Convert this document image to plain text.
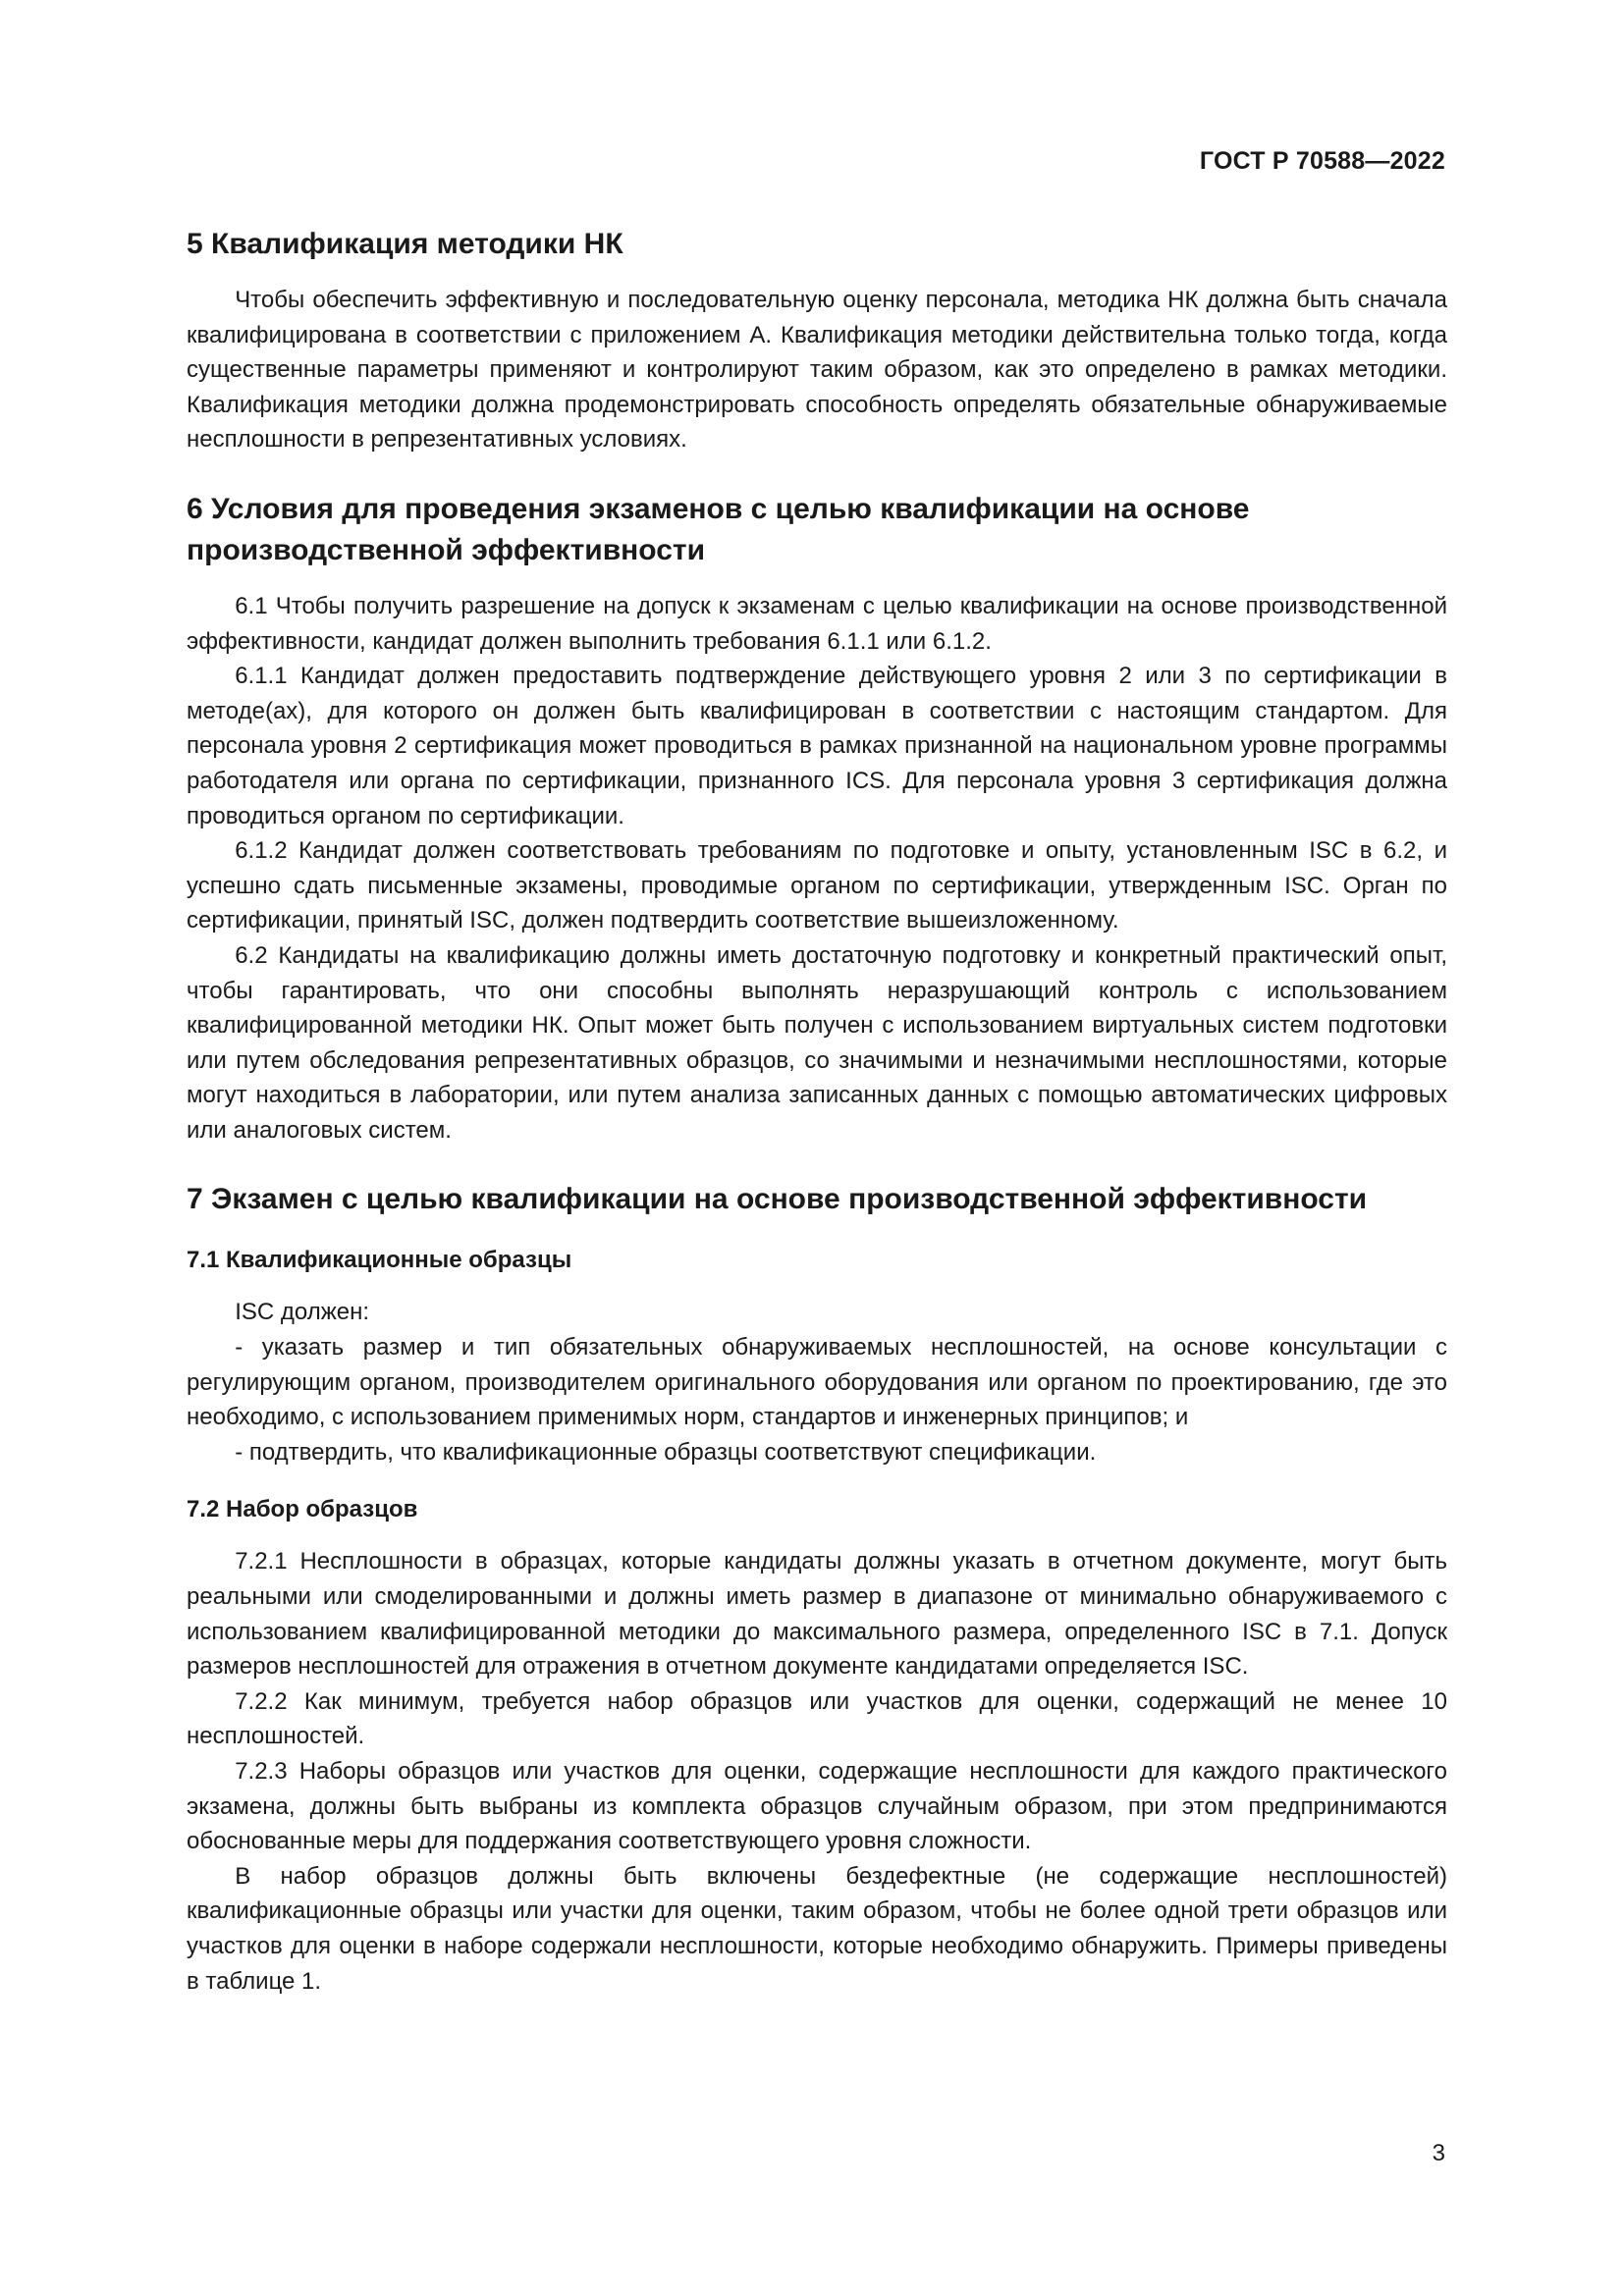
ГОСТ Р 70588—2022
5 Квалификация методики НК

Чтобы обеспечить эффективную и последовательную оценку персонала, методика НК должна быть сначала квалифицирована в соответствии с приложением А. Квалификация методики действительна только тогда, когда существенные параметры применяют и контролируют таким образом, как это определено в рамках методики. Квалификация методики должна продемонстрировать способность определять обязательные обнаруживаемые несплошности в репрезентативных условиях.

6 Условия для проведения экзаменов с целью квалификации на основе производственной эффективности

6.1 Чтобы получить разрешение на допуск к экзаменам с целью квалификации на основе производственной эффективности, кандидат должен выполнить требования 6.1.1 или 6.1.2.

6.1.1 Кандидат должен предоставить подтверждение действующего уровня 2 или 3 по сертификации в методе(ах), для которого он должен быть квалифицирован в соответствии с настоящим стандартом. Для персонала уровня 2 сертификация может проводиться в рамках признанной на национальном уровне программы работодателя или органа по сертификации, признанного ICS. Для персонала уровня 3 сертификация должна проводиться органом по сертификации.

6.1.2 Кандидат должен соответствовать требованиям по подготовке и опыту, установленным ISC в 6.2, и успешно сдать письменные экзамены, проводимые органом по сертификации, утвержденным ISC. Орган по сертификации, принятый ISC, должен подтвердить соответствие вышеизложенному.

6.2 Кандидаты на квалификацию должны иметь достаточную подготовку и конкретный практический опыт, чтобы гарантировать, что они способны выполнять неразрушающий контроль с использованием квалифицированной методики НК. Опыт может быть получен с использованием виртуальных систем подготовки или путем обследования репрезентативных образцов, со значимыми и незначимыми несплошностями, которые могут находиться в лаборатории, или путем анализа записанных данных с помощью автоматических цифровых или аналоговых систем.

7 Экзамен с целью квалификации на основе производственной эффективности
7.1 Квалификационные образцы

ISC должен:

- указать размер и тип обязательных обнаруживаемых несплошностей, на основе консультации с регулирующим органом, производителем оригинального оборудования или органом по проектированию, где это необходимо, с использованием применимых норм, стандартов и инженерных принципов; и

- подтвердить, что квалификационные образцы соответствуют спецификации.

7.2 Набор образцов

7.2.1 Несплошности в образцах, которые кандидаты должны указать в отчетном документе, могут быть реальными или смоделированными и должны иметь размер в диапазоне от минимально обнаруживаемого с использованием квалифицированной методики до максимального размера, определенного ISC в 7.1. Допуск размеров несплошностей для отражения в отчетном документе кандидатами определяется ISC.

7.2.2 Как минимум, требуется набор образцов или участков для оценки, содержащий не менее 10 несплошностей.

7.2.3 Наборы образцов или участков для оценки, содержащие несплошности для каждого практического экзамена, должны быть выбраны из комплекта образцов случайным образом, при этом предпринимаются обоснованные меры для поддержания соответствующего уровня сложности.

В набор образцов должны быть включены бездефектные (не содержащие несплошностей) квалификационные образцы или участки для оценки, таким образом, чтобы не более одной трети образцов или участков для оценки в наборе содержали несплошности, которые необходимо обнаружить. Примеры приведены в таблице 1.

3
